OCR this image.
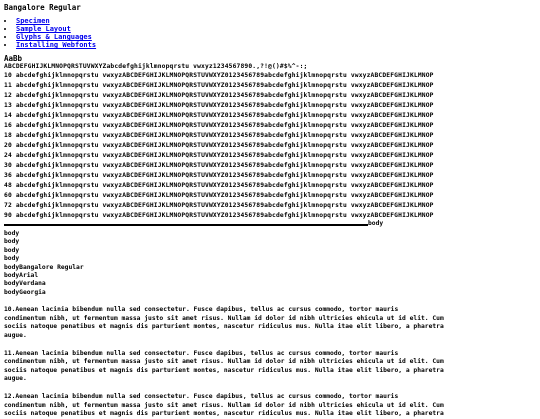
Bangalore Regular
• Specimen
• Sample Layout
• Glyphs & Languages
• Installing Webfonts
AaBb
ABCDEFGHIJKLMNOPQRSTUVWXYZabcdefghijklmnopqrstu vwxyz1234567890.,?!@()#$%^-:;
10 abcdefghijklmnopqrstu vwxyzABCDEFGHIJKLMNOPQRSTUVWXYZ0123456789abcdefghijklmnopqrstu vwxyzABCDEFGHIJKLMNOP
11 abcdefghijklmnopqrstu vwxyzABCDEFGHIJKLMNOPQRSTUVWXYZ0123456789abcdefghijklmnopqrstu vwxyzABCDEFGHIJKLMNOP
12 abcdefghijklmnopqrstu vwxyzABCDEFGHIJKLMNOPQRSTUVWXYZ0123456789abcdefghijklmnopqrstu vwxyzABCDEFGHIJKLMNOP
13 abcdefghijklmnopqrstu vwxyzABCDEFGHIJKLMNOPQRSTUVWXYZ0123456789abcdefghijklmnopqrstu vwxyzABCDEFGHIJKLMNOP
14 abcdefghijklmnopqrstu vwxyzABCDEFGHIJKLMNOPQRSTUVWXYZ0123456789abcdefghijklmnopqrstu vwxyzABCDEFGHIJKLMNOP
16 abcdefghijklmnopqrstu vwxyzABCDEFGHIJKLMNOPQRSTUVWXYZ0123456789abcdefghijklmnopqrstu vwxyzABCDEFGHIJKLMNOP
18 abcdefghijklmnopqrstu vwxyzABCDEFGHIJKLMNOPQRSTUVWXYZ0123456789abcdefghijklmnopqrstu vwxyzABCDEFGHIJKLMNOP
20 abcdefghijklmnopqrstu vwxyzABCDEFGHIJKLMNOPQRSTUVWXYZ0123456789abcdefghijklmnopqrstu vwxyzABCDEFGHIJKLMNOP
24 abcdefghijklmnopqrstu vwxyzABCDEFGHIJKLMNOPQRSTUVWXYZ0123456789abcdefghijklmnopqrstu vwxyzABCDEFGHIJKLMNOP
30 abcdefghijklmnopqrstu vwxyzABCDEFGHIJKLMNOPQRSTUVWXYZ0123456789abcdefghijklmnopqrstu vwxyzABCDEFGHIJKLMNOP
36 abcdefghijklmnopqrstu vwxyzABCDEFGHIJKLMNOPQRSTUVWXYZ0123456789abcdefghijklmnopqrstu vwxyzABCDEFGHIJKLMNOP
48 abcdefghijklmnopqrstu vwxyzABCDEFGHIJKLMNOPQRSTUVWXYZ0123456789abcdefghijklmnopqrstu vwxyzABCDEFGHIJKLMNOP
60 abcdefghijklmnopqrstu vwxyzABCDEFGHIJKLMNOPQRSTUVWXYZ0123456789abcdefghijklmnopqrstu vwxyzABCDEFGHIJKLMNOP
72 abcdefghijklmnopqrstu vwxyzABCDEFGHIJKLMNOPQRSTUVWXYZ0123456789abcdefghijklmnopqrstu vwxyzABCDEFGHIJKLMNOP
90 abcdefghijklmnopqrstu vwxyzABCDEFGHIJKLMNOPQRSTUVWXYZ0123456789abcdefghijklmnopqrstu vwxyzABCDEFGHIJKLMNOP
body
body
body
body
body
bodyBangalore Regular
bodyArial
bodyVerdana
bodyGeorgia
10.Aenean lacinia bibendum nulla sed consectetur. Fusce dapibus, tellus ac cursus commodo, tortor mauris
condimentum nibh, ut fermentum massa justo sit amet risus. Nullam id dolor id nibh ultricies ehicula ut id elit. Cum
sociis natoque penatibus et magnis dis parturient montes, nascetur ridiculus mus. Nulla itae elit libero, a pharetra
augue.
11.Aenean lacinia bibendum nulla sed consectetur. Fusce dapibus, tellus ac cursus commodo, tortor mauris
condimentum nibh, ut fermentum massa justo sit amet risus. Nullam id dolor id nibh ultricies ehicula ut id elit. Cum
sociis natoque penatibus et magnis dis parturient montes, nascetur ridiculus mus. Nulla itae elit libero, a pharetra
augue.
12.Aenean lacinia bibendum nulla sed consectetur. Fusce dapibus, tellus ac cursus commodo, tortor mauris
condimentum nibh, ut fermentum massa justo sit amet risus. Nullam id dolor id nibh ultricies ehicula ut id elit. Cum
sociis natoque penatibus et magnis dis parturient montes, nascetur ridiculus mus. Nulla itae elit libero, a pharetra
